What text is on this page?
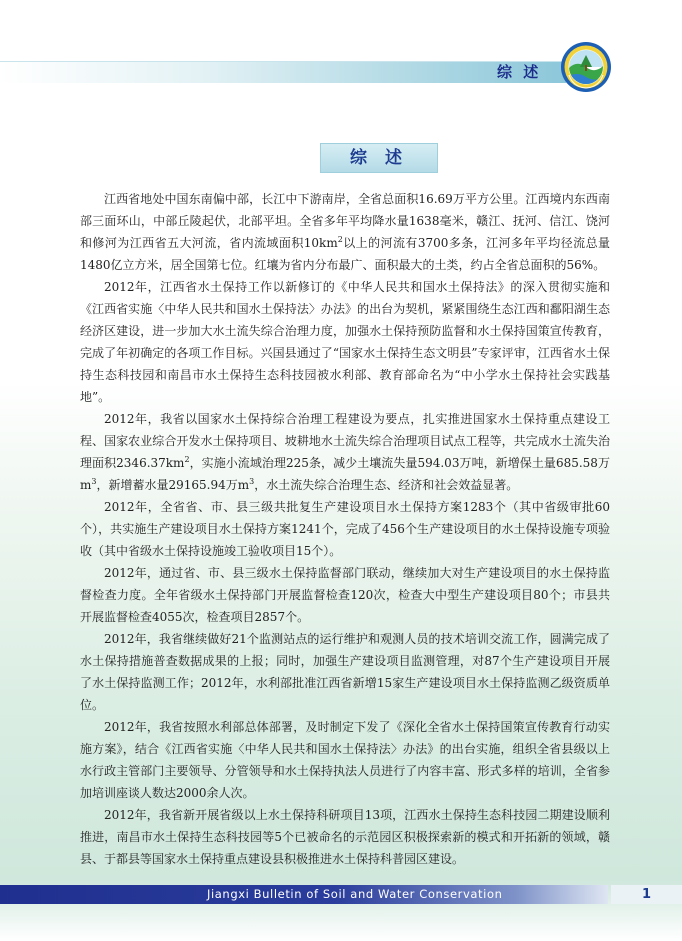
综 述
综 述

江西省地处中国东南偏中部，长江中下游南岸，全省总面积16.69万平方公里。江西境内东西南部三面环山，中部丘陵起伏，北部平坦。全省多年平均降水量1638毫米，赣江、抚河、信江、饶河和修河为江西省五大河流，省内流域面积$10km^2$以上的河流有3700多条，江河多年平均径流总量1480亿立方米，居全国第七位。红壤为省内分布最广、面积最大的土类，约占全省总面积的56%。

2012年，江西省水土保持工作以新修订的《中华人民共和国水土保持法》的深入贯彻实施和《江西省实施〈中华人民共和国水土保持法〉办法》的出台为契机，紧紧围绕生态江西和鄱阳湖生态经济区建设，进一步加大水土流失综合治理力度，加强水土保持预防监督和水土保持国策宣传教育，完成了年初确定的各项工作目标。兴国县通过了“国家水土保持生态文明县”专家评审，江西省水土保持生态科技园和南昌市水土保持生态科技园被水利部、教育部命名为“中小学水土保持社会实践基地”。

2012年，我省以国家水土保持综合治理工程建设为要点，扎实推进国家水土保持重点建设工程、国家农业综合开发水土保持项目、坡耕地水土流失综合治理项目试点工程等，共完成水土流失治理面积$2346.37km^2$，实施小流域治理225条，减少土壤流失量594.03万吨，新增保土量685.58万$m^3$，新增蓄水量29165.94万$m^3$，水土流失综合治理生态、经济和社会效益显著。

2012年，全省省、市、县三级共批复生产建设项目水土保持方案1283个（其中省级审批60个），共实施生产建设项目水土保持方案1241个，完成了456个生产建设项目的水土保持设施专项验收（其中省级水土保持设施竣工验收项目15个）。

2012年，通过省、市、县三级水土保持监督部门联动，继续加大对生产建设项目的水土保持监督检查力度。全年省级水土保持部门开展监督检查120次，检查大中型生产建设项目80个；市县共开展监督检查4055次，检查项目2857个。

2012年，我省继续做好21个监测站点的运行维护和观测人员的技术培训交流工作，圆满完成了水土保持措施普查数据成果的上报；同时，加强生产建设项目监测管理，对87个生产建设项目开展了水土保持监测工作；2012年，水利部批准江西省新增15家生产建设项目水土保持监测乙级资质单位。

2012年，我省按照水利部总体部署，及时制定下发了《深化全省水土保持国策宣传教育行动实施方案》，结合《江西省实施〈中华人民共和国水土保持法〉办法》的出台实施，组织全省县级以上水行政主管部门主要领导、分管领导和水土保持执法人员进行了内容丰富、形式多样的培训，全省参加培训座谈人数达2000余人次。

2012年，我省新开展省级以上水土保持科研项目13项，江西水土保持生态科技园二期建设顺利推进，南昌市水土保持生态科技园等5个已被命名的示范园区积极探索新的模式和开拓新的领域，赣县、于都县等国家水土保持重点建设县积极推进水土保持科普园区建设。

Jiangxi Bulletin of Soil and Water Conservation	1
